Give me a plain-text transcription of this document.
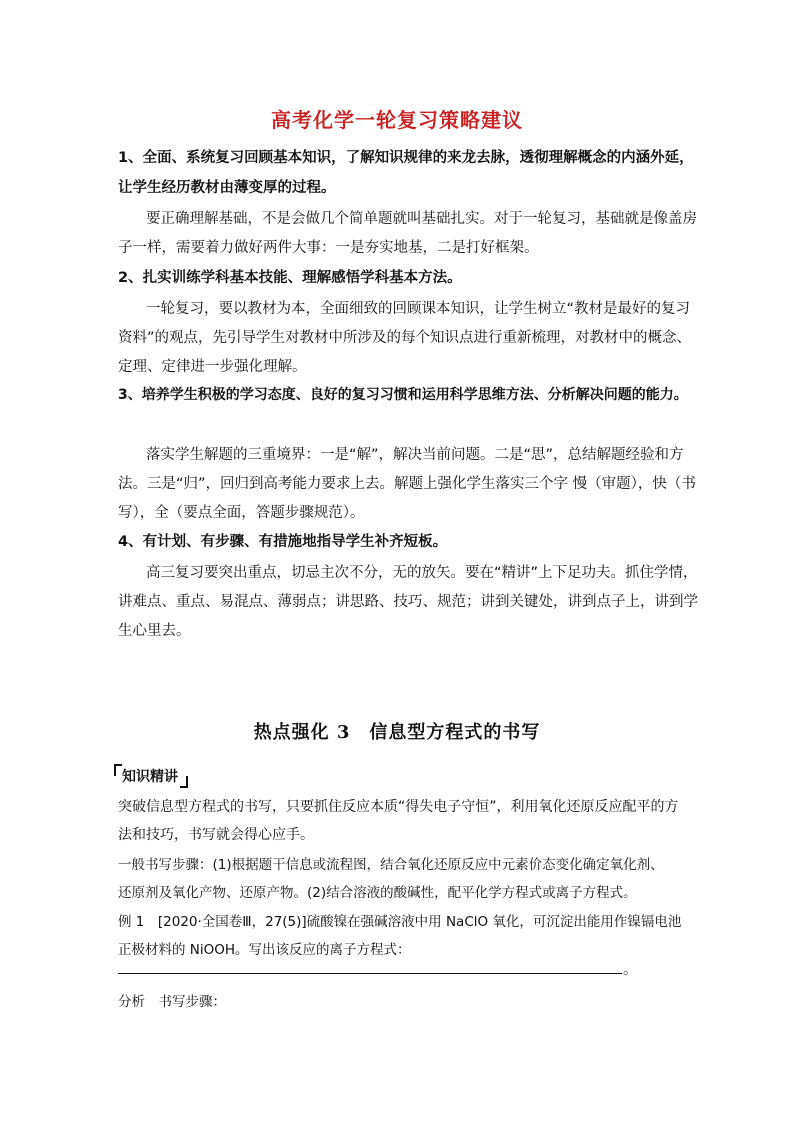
高考化学一轮复习策略建议
1、全面、系统复习回顾基本知识，了解知识规律的来龙去脉，透彻理解概念的内涵外延，
让学生经历教材由薄变厚的过程。
要正确理解基础，不是会做几个简单题就叫基础扎实。对于一轮复习，基础就是像盖房
子一样，需要着力做好两件大事：一是夯实地基，二是打好框架。
2、扎实训练学科基本技能、理解感悟学科基本方法。
一轮复习，要以教材为本，全面细致的回顾课本知识，让学生树立“教材是最好的复习
资料”的观点，先引导学生对教材中所涉及的每个知识点进行重新梳理，对教材中的概念、
定理、定律进一步强化理解。
3、培养学生积极的学习态度、良好的复习习惯和运用科学思维方法、分析解决问题的能力。
落实学生解题的三重境界：一是“解”，解决当前问题。二是“思”，总结解题经验和方
法。三是“归”，回归到高考能力要求上去。解题上强化学生落实三个字 慢（审题），快（书
写），全（要点全面，答题步骤规范）。
4、有计划、有步骤、有措施地指导学生补齐短板。
高三复习要突出重点，切忌主次不分，无的放矢。要在“精讲”上下足功夫。抓住学情，
讲难点、重点、易混点、薄弱点；讲思路、技巧、规范；讲到关键处，讲到点子上，讲到学
生心里去。
热点强化 3　信息型方程式的书写
知识精讲
突破信息型方程式的书写，只要抓住反应本质“得失电子守恒”，利用氧化还原反应配平的方
法和技巧，书写就会得心应手。
一般书写步骤：(1)根据题干信息或流程图，结合氧化还原反应中元素价态变化确定氧化剂、
还原剂及氧化产物、还原产物。(2)结合溶液的酸碱性，配平化学方程式或离子方程式。
例 1　[2020·全国卷Ⅲ，27(5)]硫酸镍在强碱溶液中用 NaClO 氧化，可沉淀出能用作镍镉电池
正极材料的 NiOOH。写出该反应的离子方程式：
。
分析　书写步骤：
